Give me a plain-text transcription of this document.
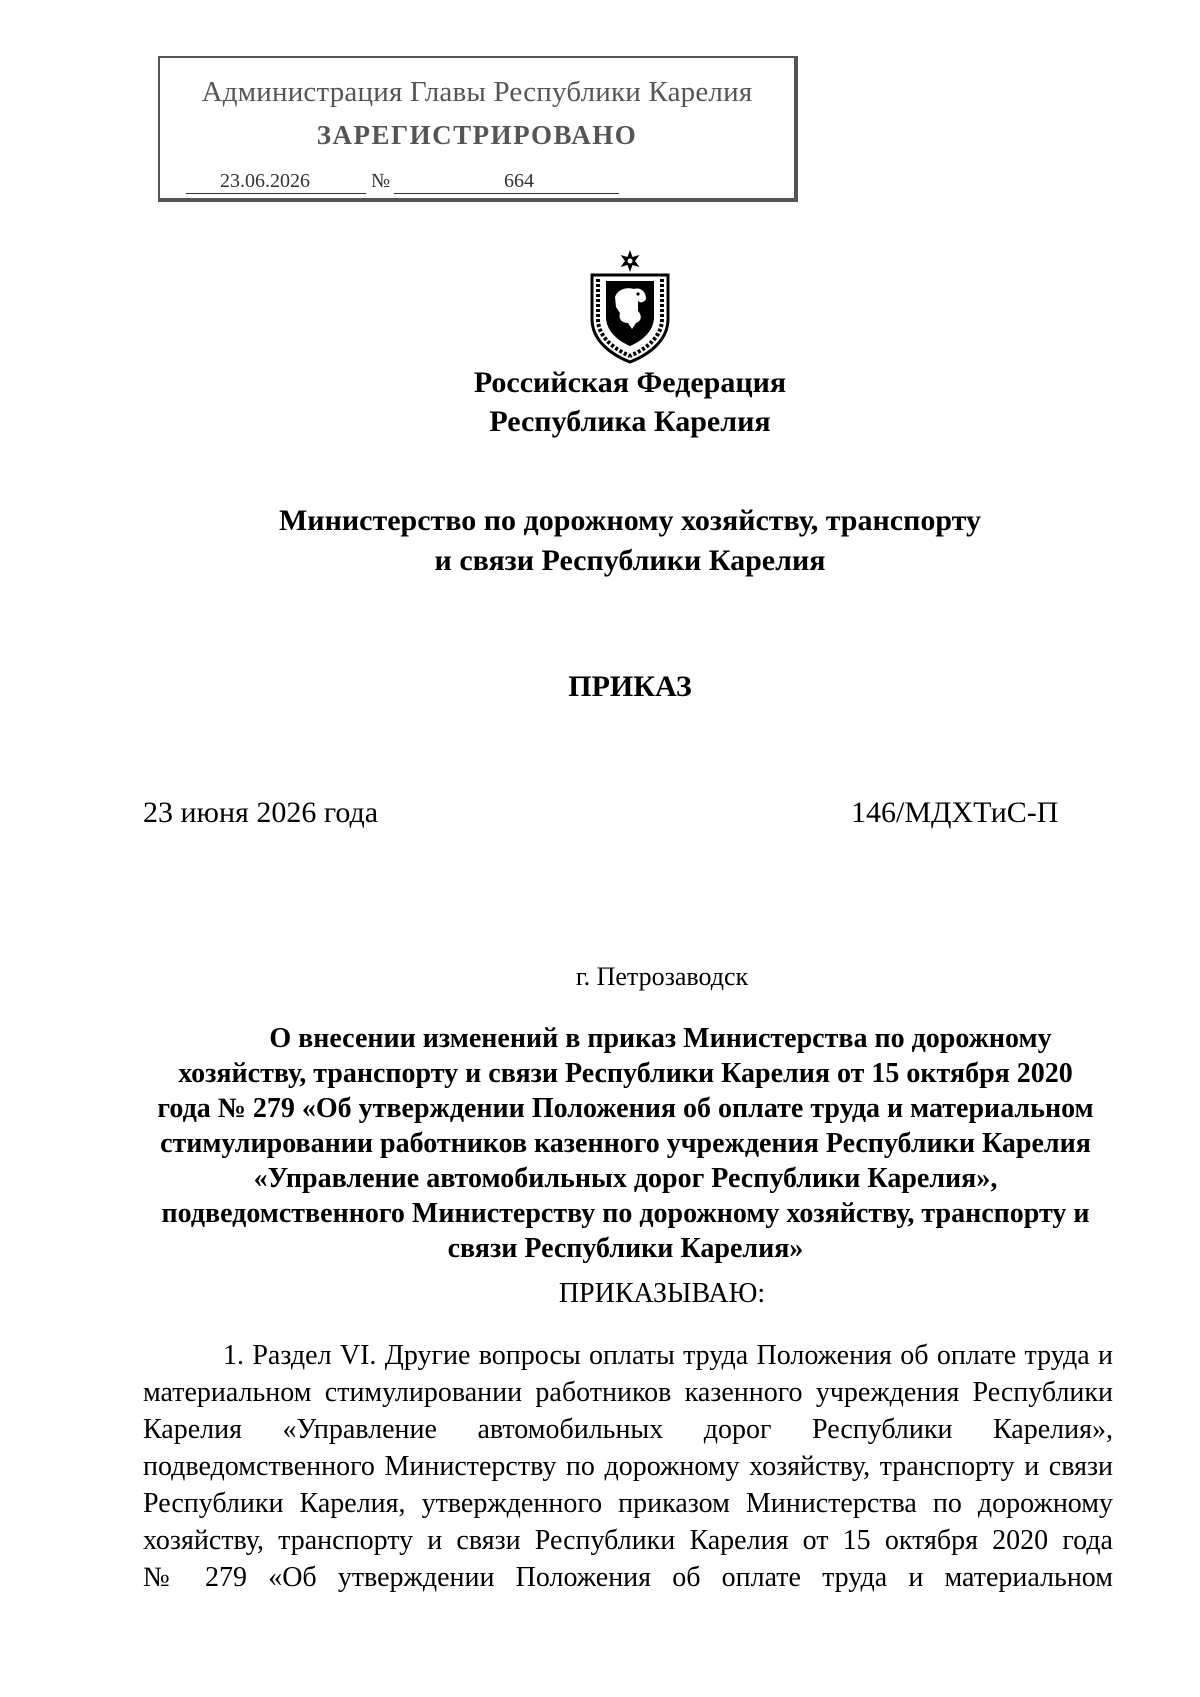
Администрация Главы Республики Карелия
ЗАРЕГИСТРИРОВАНО
23.06.2026	№	664
Российская Федерация
Республика Карелия
Министерство по дорожному хозяйству, транспорту
и связи Республики Карелия
ПРИКАЗ
23 июня 2026 года	146/МДХТиС-П
г. Петрозаводск
О внесении изменений в приказ Министерства по дорожному
хозяйству, транспорту и связи Республики Карелия от 15 октября 2020
года № 279 «Об утверждении Положения об оплате труда и материальном
стимулировании работников казенного учреждения Республики Карелия
«Управление автомобильных дорог Республики Карелия»,
подведомственного Министерству по дорожному хозяйству, транспорту и
связи Республики Карелия»
ПРИКАЗЫВАЮ:
1. Раздел VI. Другие вопросы оплаты труда Положения об оплате труда и
материальном стимулировании работников казенного учреждения Республики
Карелия «Управление автомобильных дорог Республики Карелия»,
подведомственного Министерству по дорожному хозяйству, транспорту и связи
Республики Карелия, утвержденного приказом Министерства по дорожному
хозяйству, транспорту и связи Республики Карелия от 15 октября 2020 года
№ 279 «Об утверждении Положения об оплате труда и материальном
